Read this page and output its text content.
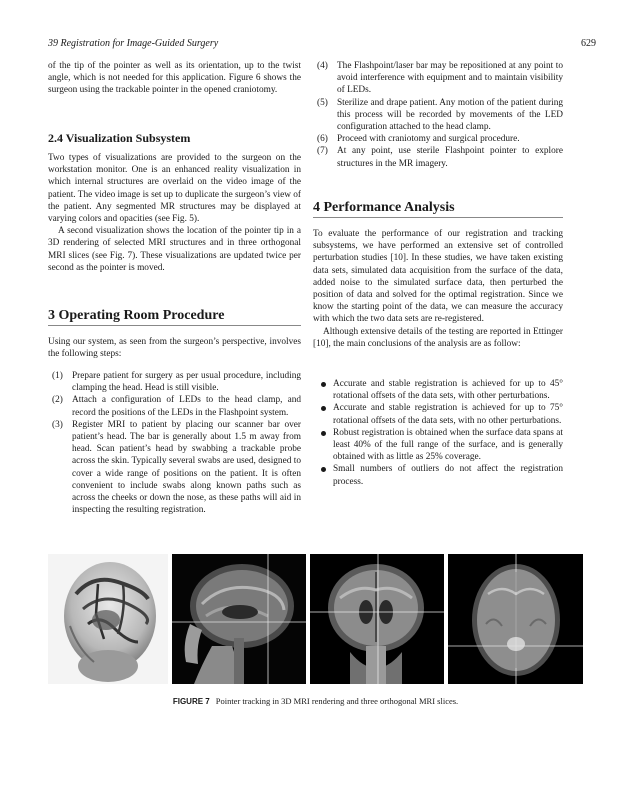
39 Registration for Image-Guided Surgery	629

of the tip of the pointer as well as its orientation, up to the twist angle, which is not needed for this application. Figure 6 shows the surgeon using the trackable pointer in the opened craniotomy.

2.4 Visualization Subsystem

Two types of visualizations are provided to the surgeon on the workstation monitor. One is an enhanced reality visualization in which internal structures are overlaid on the video image of the patient. The video image is set up to duplicate the surgeon’s view of the patient. Any segmented MR structures may be displayed at varying colors and opacities (see Fig. 5).

A second visualization shows the location of the pointer tip in a 3D rendering of selected MRI structures and in three orthogonal MRI slices (see Fig. 7). These visualizations are updated twice per second as the pointer is moved.

3 Operating Room Procedure

Using our system, as seen from the surgeon’s perspective, involves the following steps:

(1) Prepare patient for surgery as per usual procedure, including clamping the head. Head is still visible.
(2) Attach a configuration of LEDs to the head clamp, and record the positions of the LEDs in the Flashpoint system.
(3) Register MRI to patient by placing our scanner bar over patient’s head. The bar is generally about 1.5 m away from head. Scan patient’s head by swabbing a trackable probe across the skin. Typically several swabs are used, designed to cover a wide range of positions on the patient. It is often convenient to include swabs along known paths such as across the cheeks or down the nose, as these paths will aid in inspecting the resulting registration.
(4) The Flashpoint/laser bar may be repositioned at any point to avoid interference with equipment and to maintain visibility of LEDs.
(5) Sterilize and drape patient. Any motion of the patient during this process will be recorded by movements of the LED configuration attached to the head clamp.
(6) Proceed with craniotomy and surgical procedure.
(7) At any point, use sterile Flashpoint pointer to explore structures in the MR imagery.
4 Performance Analysis

To evaluate the performance of our registration and tracking subsystems, we have performed an extensive set of controlled perturbation studies [10]. In these studies, we have taken existing data sets, simulated data acquisition from the surface of the data, added noise to the simulated surface data, then perturbed the position of data and solved for the optimal registration. Since we know the starting point of the data, we can measure the accuracy with which the two data sets are re-registered.

Although extensive details of the testing are reported in Ettinger [10], the main conclusions of the analysis are as follow:

Accurate and stable registration is achieved for up to 45° rotational offsets of the data sets, with other perturbations.
Accurate and stable registration is achieved for up to 75° rotational offsets of the data sets, with no other perturbations.
Robust registration is obtained when the surface data spans at least 40% of the full range of the surface, and is generally obtained with as little as 25% coverage.
Small numbers of outliers do not affect the registration process.
FIGURE 7 Pointer tracking in 3D MRI rendering and three orthogonal MRI slices.
